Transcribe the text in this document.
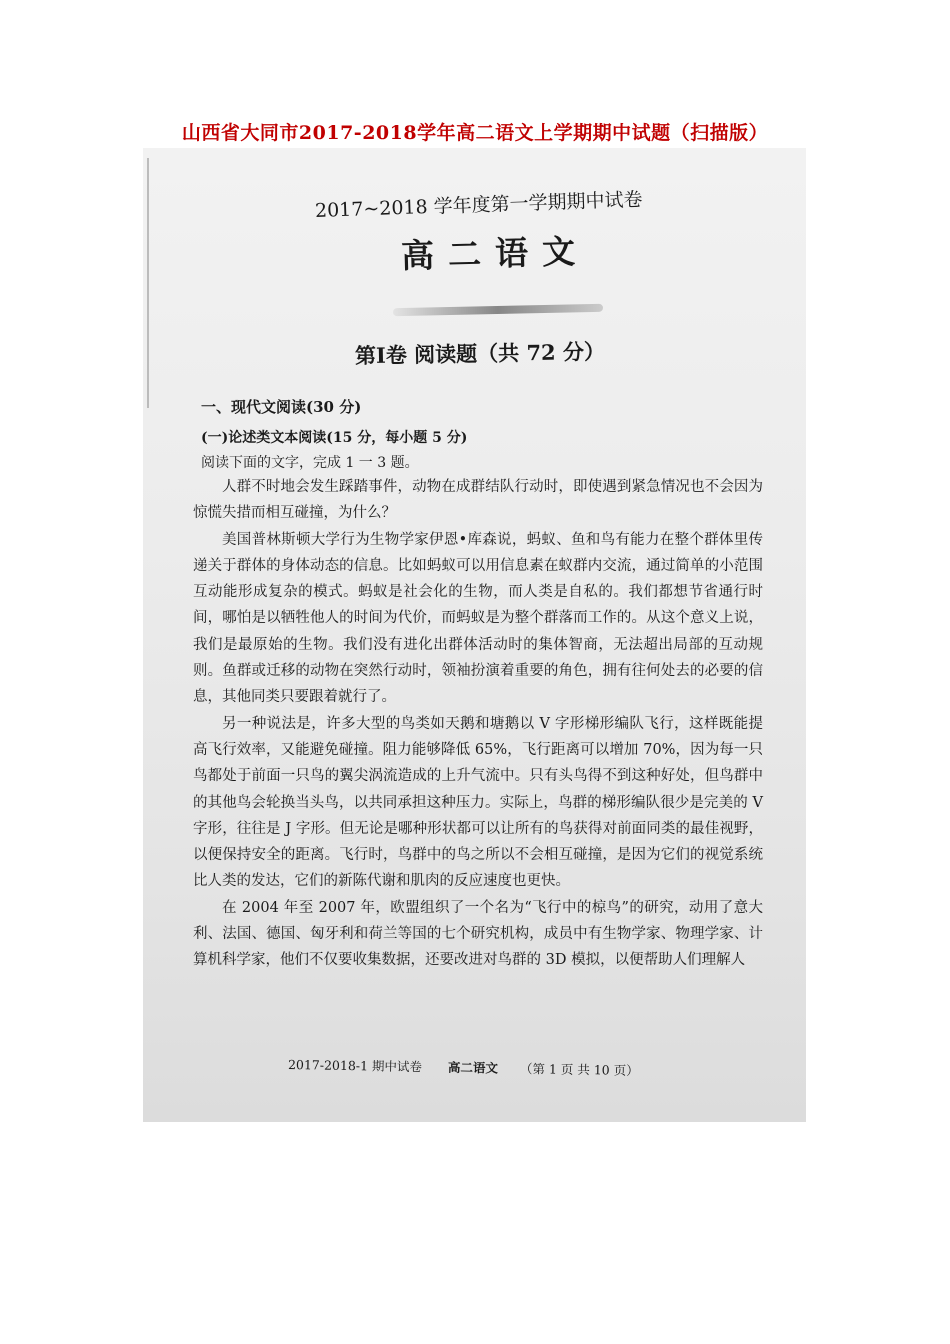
山西省大同市2017-2018学年高二语文上学期期中试题（扫描版）
2017~2018 学年度第一学期期中试卷
高二语文
第Ⅰ卷 阅读题（共 72 分）
一、现代文阅读(30 分)
(一)论述类文本阅读(15 分，每小题 5 分)
阅读下面的文字，完成 1 一 3 题。

人群不时地会发生踩踏事件，动物在成群结队行动时，即使遇到紧急情况也不会因为惊慌失措而相互碰撞，为什么？

美国普林斯顿大学行为生物学家伊恩•库森说，蚂蚁、鱼和鸟有能力在整个群体里传递关于群体的身体动态的信息。比如蚂蚁可以用信息素在蚁群内交流，通过简单的小范围互动能形成复杂的模式。蚂蚁是社会化的生物，而人类是自私的。我们都想节省通行时间，哪怕是以牺牲他人的时间为代价，而蚂蚁是为整个群落而工作的。从这个意义上说，我们是最原始的生物。我们没有进化出群体活动时的集体智商，无法超出局部的互动规则。鱼群或迁移的动物在突然行动时，领袖扮演着重要的角色，拥有往何处去的必要的信息，其他同类只要跟着就行了。

另一种说法是，许多大型的鸟类如天鹅和塘鹅以 V 字形梯形编队飞行，这样既能提高飞行效率，又能避免碰撞。阻力能够降低 65%，飞行距离可以增加 70%，因为每一只鸟都处于前面一只鸟的翼尖涡流造成的上升气流中。只有头鸟得不到这种好处，但鸟群中的其他鸟会轮换当头鸟，以共同承担这种压力。实际上，鸟群的梯形编队很少是完美的 V 字形，往往是 J 字形。但无论是哪种形状都可以让所有的鸟获得对前面同类的最佳视野，以便保持安全的距离。飞行时，鸟群中的鸟之所以不会相互碰撞，是因为它们的视觉系统比人类的发达，它们的新陈代谢和肌肉的反应速度也更快。

在 2004 年至 2007 年，欧盟组织了一个名为“飞行中的椋鸟”的研究，动用了意大利、法国、德国、匈牙利和荷兰等国的七个研究机构，成员中有生物学家、物理学家、计算机科学家，他们不仅要收集数据，还要改进对鸟群的 3D 模拟，以便帮助人们理解人

2017-2018-1 期中试卷 高二语文 （第 1 页 共 10 页）
